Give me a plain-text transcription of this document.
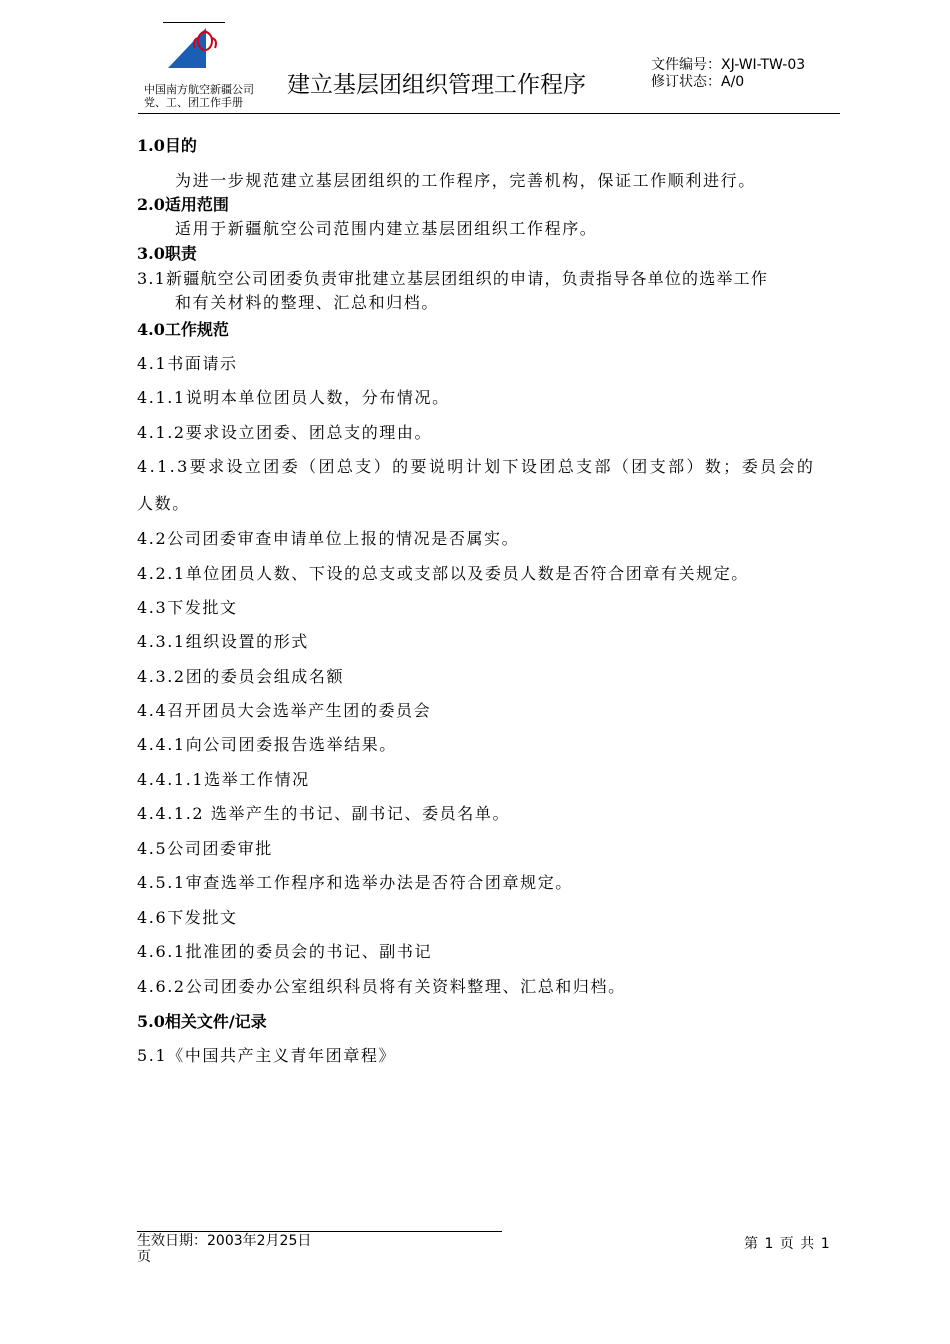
中国南方航空新疆公司
党、工、团工作手册
建立基层团组织管理工作程序
文件编号：XJ-WI-TW-03
修订状态：A/0
1.0目的
为进一步规范建立基层团组织的工作程序，完善机构，保证工作顺利进行。
2.0适用范围
适用于新疆航空公司范围内建立基层团组织工作程序。
3.0职责
3.1新疆航空公司团委负责审批建立基层团组织的申请，负责指导各单位的选举工作
和有关材料的整理、汇总和归档。
4.0工作规范
4.1书面请示
4.1.1说明本单位团员人数，分布情况。
4.1.2要求设立团委、团总支的理由。
4.1.3要求设立团委（团总支）的要说明计划下设团总支部（团支部）数；委员会的
人数。
4.2公司团委审查申请单位上报的情况是否属实。
4.2.1单位团员人数、下设的总支或支部以及委员人数是否符合团章有关规定。
4.3下发批文
4.3.1组织设置的形式
4.3.2团的委员会组成名额
4.4召开团员大会选举产生团的委员会
4.4.1向公司团委报告选举结果。
4.4.1.1选举工作情况
4.4.1.2 选举产生的书记、副书记、委员名单。
4.5公司团委审批
4.5.1审查选举工作程序和选举办法是否符合团章规定。
4.6下发批文
4.6.1批准团的委员会的书记、副书记
4.6.2公司团委办公室组织科员将有关资料整理、汇总和归档。
5.0相关文件/记录
5.1《中国共产主义青年团章程》
生效日期：2003年2月25日
页
第 1 页 共 1
